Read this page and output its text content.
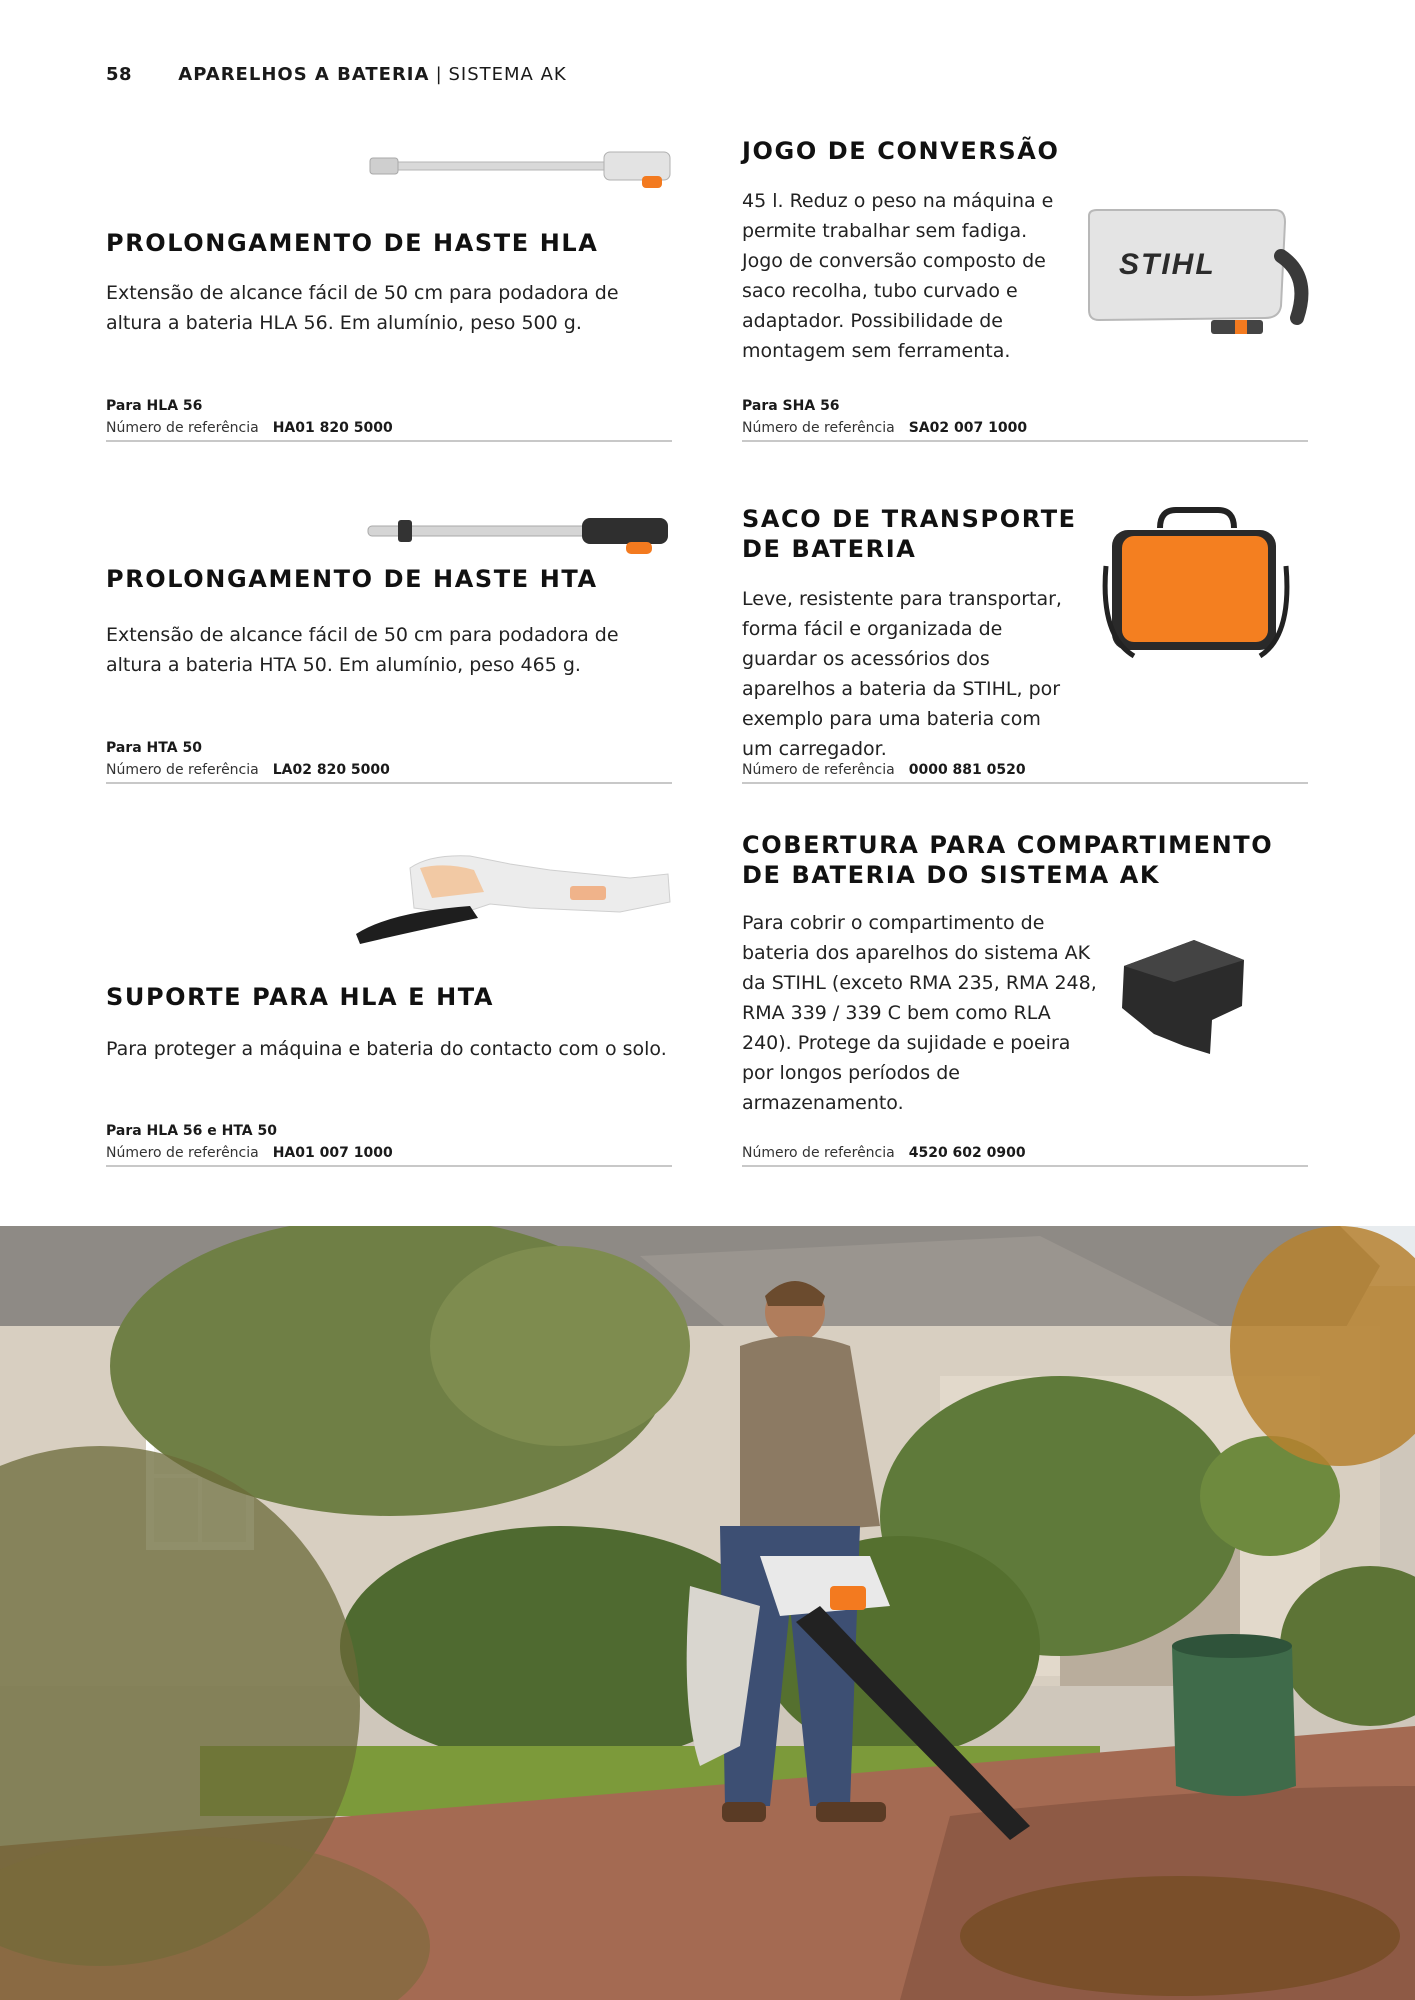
58	APARELHOS A BATERIA | SISTEMA AK
PROLONGAMENTO DE HASTE HLA

Extensão de alcance fácil de 50 cm para podadora de altura a bateria HLA 56. Em alumínio, peso 500 g.

Para HLA 56
Número de referência HA01 820 5000
JOGO DE CONVERSÃO

45 l. Reduz o peso na máquina e permite trabalhar sem fadiga. Jogo de conversão composto de saco recolha, tubo curvado e adaptador. Possibilidade de montagem sem ferramenta.

STIHL
Para SHA 56
Número de referência SA02 007 1000
PROLONGAMENTO DE HASTE HTA

Extensão de alcance fácil de 50 cm para podadora de altura a bateria HTA 50. Em alumínio, peso 465 g.

Para HTA 50
Número de referência LA02 820 5000
SACO DE TRANSPORTE
DE BATERIA

Leve, resistente para transportar, forma fácil e organizada de guardar os acessórios dos aparelhos a bateria da STIHL, por exemplo para uma bateria com um carregador.

Número de referência 0000 881 0520
SUPORTE PARA HLA E HTA

Para proteger a máquina e bateria do contacto com o solo.

Para HLA 56 e HTA 50
Número de referência HA01 007 1000
COBERTURA PARA COMPARTIMENTO
DE BATERIA DO SISTEMA AK

Para cobrir o compartimento de bateria dos aparelhos do sistema AK da STIHL (exceto RMA 235, RMA 248, RMA 339 / 339 C bem como RLA 240). Protege da sujidade e poeira por longos períodos de armazenamento.

Número de referência 4520 602 0900
